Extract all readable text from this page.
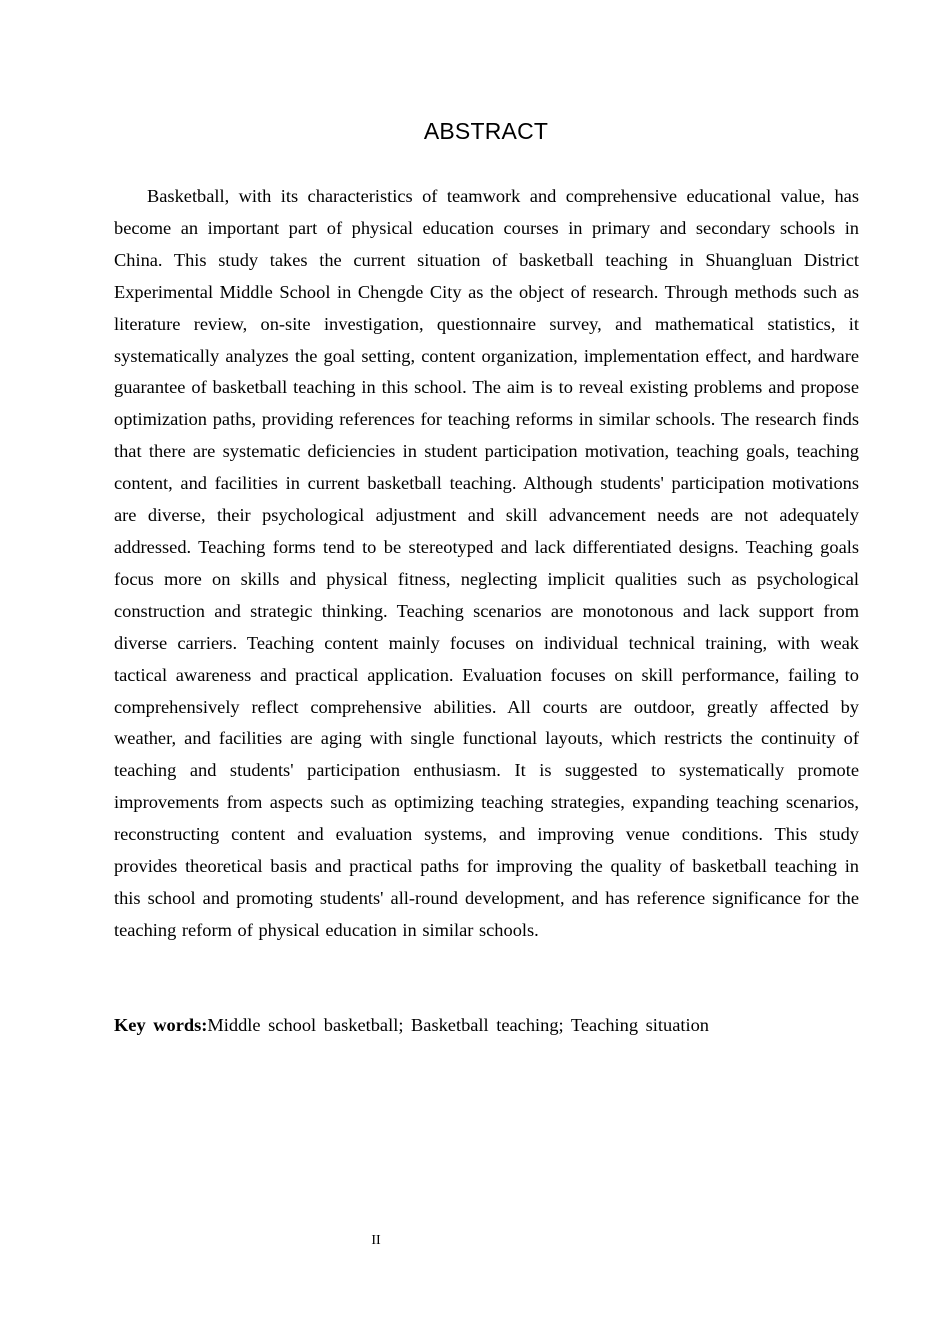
ABSTRACT

Basketball, with its characteristics of teamwork and comprehensive educational value, has become an important part of physical education courses in primary and secondary schools in China. This study takes the current situation of basketball teaching in Shuangluan District Experimental Middle School in Chengde City as the object of research. Through methods such as literature review, on-site investigation, questionnaire survey, and mathematical statistics, it systematically analyzes the goal setting, content organization, implementation effect, and hardware guarantee of basketball teaching in this school. The aim is to reveal existing problems and propose optimization paths, providing references for teaching reforms in similar schools. The research finds that there are systematic deficiencies in student participation motivation, teaching goals, teaching content, and facilities in current basketball teaching. Although students' participation motivations are diverse, their psychological adjustment and skill advancement needs are not adequately addressed. Teaching forms tend to be stereotyped and lack differentiated designs. Teaching goals focus more on skills and physical fitness, neglecting implicit qualities such as psychological construction and strategic thinking. Teaching scenarios are monotonous and lack support from diverse carriers. Teaching content mainly focuses on individual technical training, with weak tactical awareness and practical application. Evaluation focuses on skill performance, failing to comprehensively reflect comprehensive abilities. All courts are outdoor, greatly affected by weather, and facilities are aging with single functional layouts, which restricts the continuity of teaching and students' participation enthusiasm. It is suggested to systematically promote improvements from aspects such as optimizing teaching strategies, expanding teaching scenarios, reconstructing content and evaluation systems, and improving venue conditions. This study provides theoretical basis and practical paths for improving the quality of basketball teaching in this school and promoting students' all-round development, and has reference significance for the teaching reform of physical education in similar schools.

Key words:Middle school basketball; Basketball teaching; Teaching situation

II
